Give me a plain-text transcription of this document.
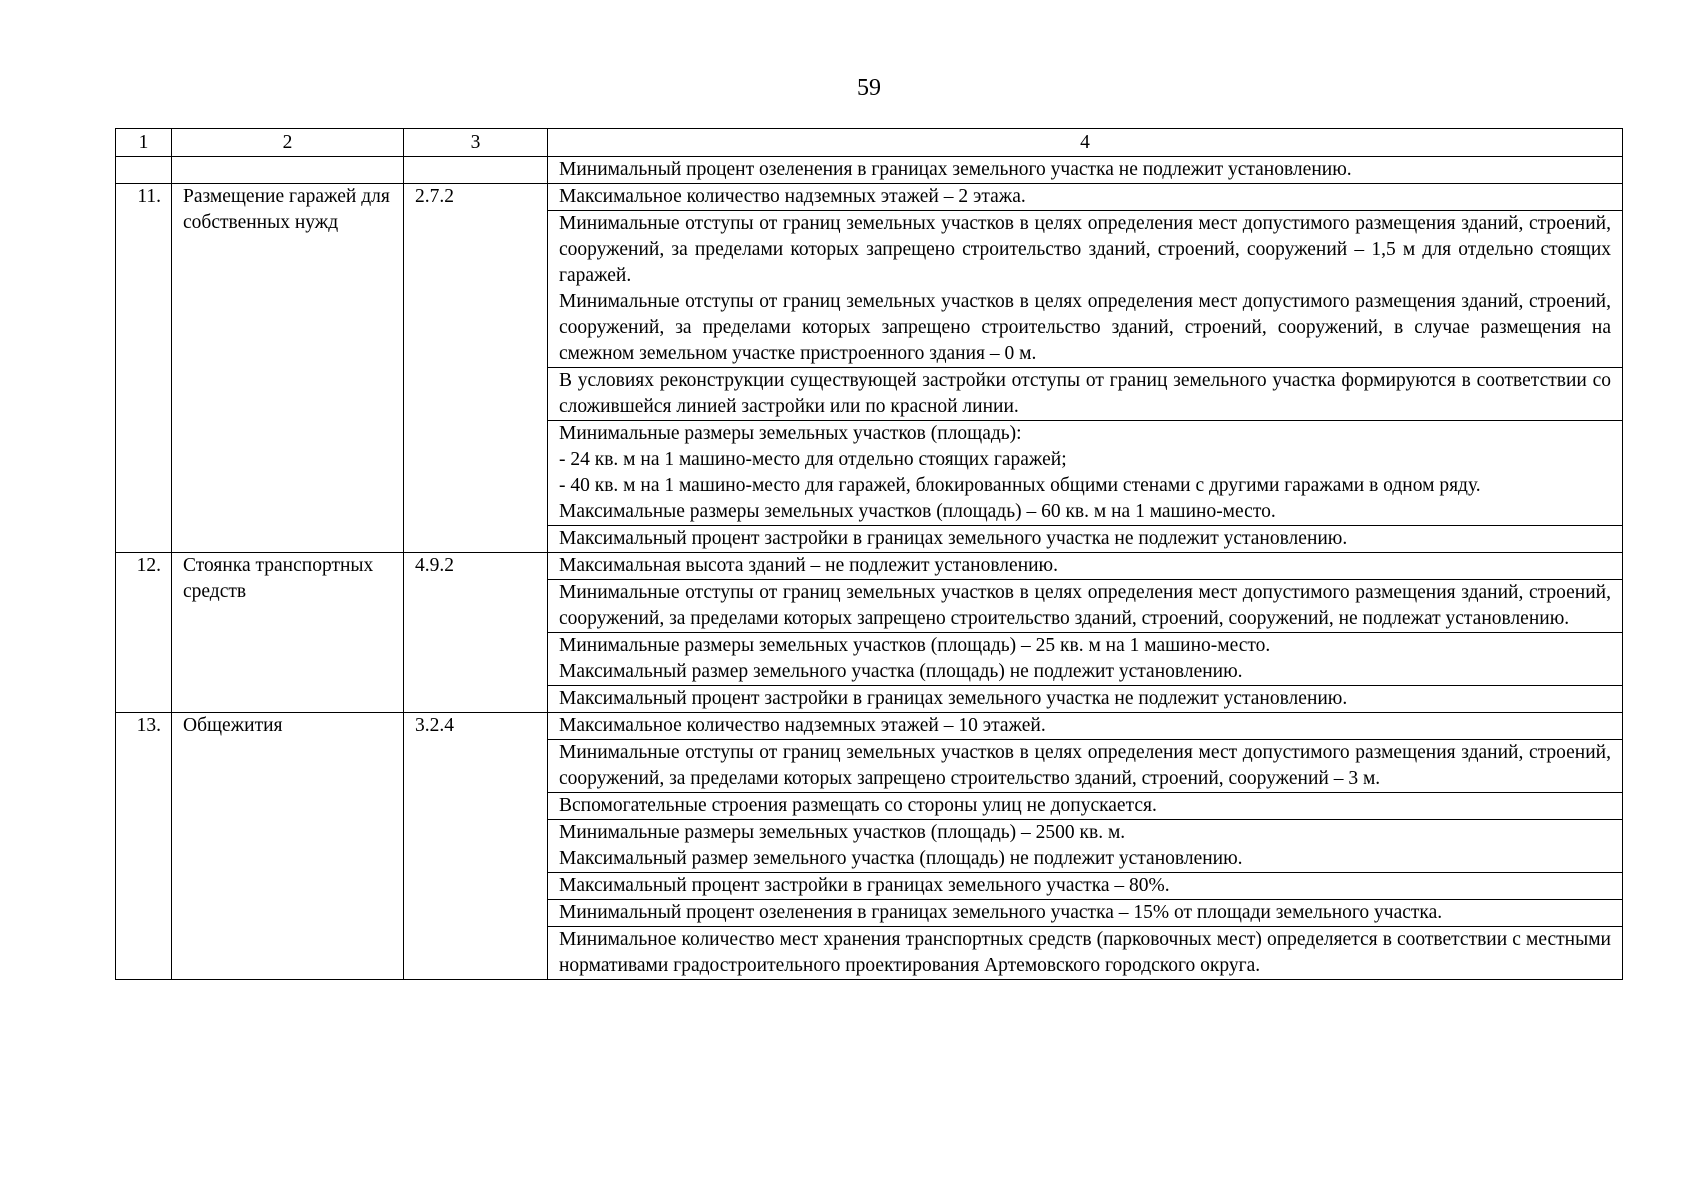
59
1	2	3	4
			Минимальный процент озеленения в границах земельного участка не подлежит установлению.
11.	Размещение гаражей для собственных нужд	2.7.2	Максимальное количество надземных этажей – 2 этажа.

			Минимальные отступы от границ земельных участков в целях определения мест допустимого размещения зданий, строений, сооружений, за пределами которых запрещено строительство зданий, строений, сооружений – 1,5 м для отдельно стоящих гаражей.
Минимальные отступы от границ земельных участков в целях определения мест допустимого размещения зданий, строений, сооружений, за пределами которых запрещено строительство зданий, строений, сооружений, в случае размещения на смежном земельном участке пристроенного здания – 0 м.

			В условиях реконструкции существующей застройки отступы от границ земельного участка формируются в соответствии со сложившейся линией застройки или по красной линии.

			Минимальные размеры земельных участков (площадь):
- 24 кв. м на 1 машино-место для отдельно стоящих гаражей;
- 40 кв. м на 1 машино-место для гаражей, блокированных общими стенами с другими гаражами в одном ряду.
Максимальные размеры земельных участков (площадь) – 60 кв. м на 1 машино-место.

			Максимальный процент застройки в границах земельного участка не подлежит установлению.

12.	Стоянка транспортных средств	4.9.2	Максимальная высота зданий – не подлежит установлению.

			Минимальные отступы от границ земельных участков в целях определения мест допустимого размещения зданий, строений, сооружений, за пределами которых запрещено строительство зданий, строений, сооружений, не подлежат установлению.

			Минимальные размеры земельных участков (площадь) – 25 кв. м на 1 машино-место.
Максимальный размер земельного участка (площадь) не подлежит установлению.

			Максимальный процент застройки в границах земельного участка не подлежит установлению.

13.	Общежития	3.2.4	Максимальное количество надземных этажей – 10 этажей.

			Минимальные отступы от границ земельных участков в целях определения мест допустимого размещения зданий, строений, сооружений, за пределами которых запрещено строительство зданий, строений, сооружений – 3 м.

			Вспомогательные строения размещать со стороны улиц не допускается.

			Минимальные размеры земельных участков (площадь) – 2500 кв. м.
Максимальный размер земельного участка (площадь) не подлежит установлению.

			Максимальный процент застройки в границах земельного участка – 80%.

			Минимальный процент озеленения в границах земельного участка – 15% от площади земельного участка.

			Минимальное количество мест хранения транспортных средств (парковочных мест) определяется в соответствии с местными нормативами градостроительного проектирования Артемовского городского округа.
